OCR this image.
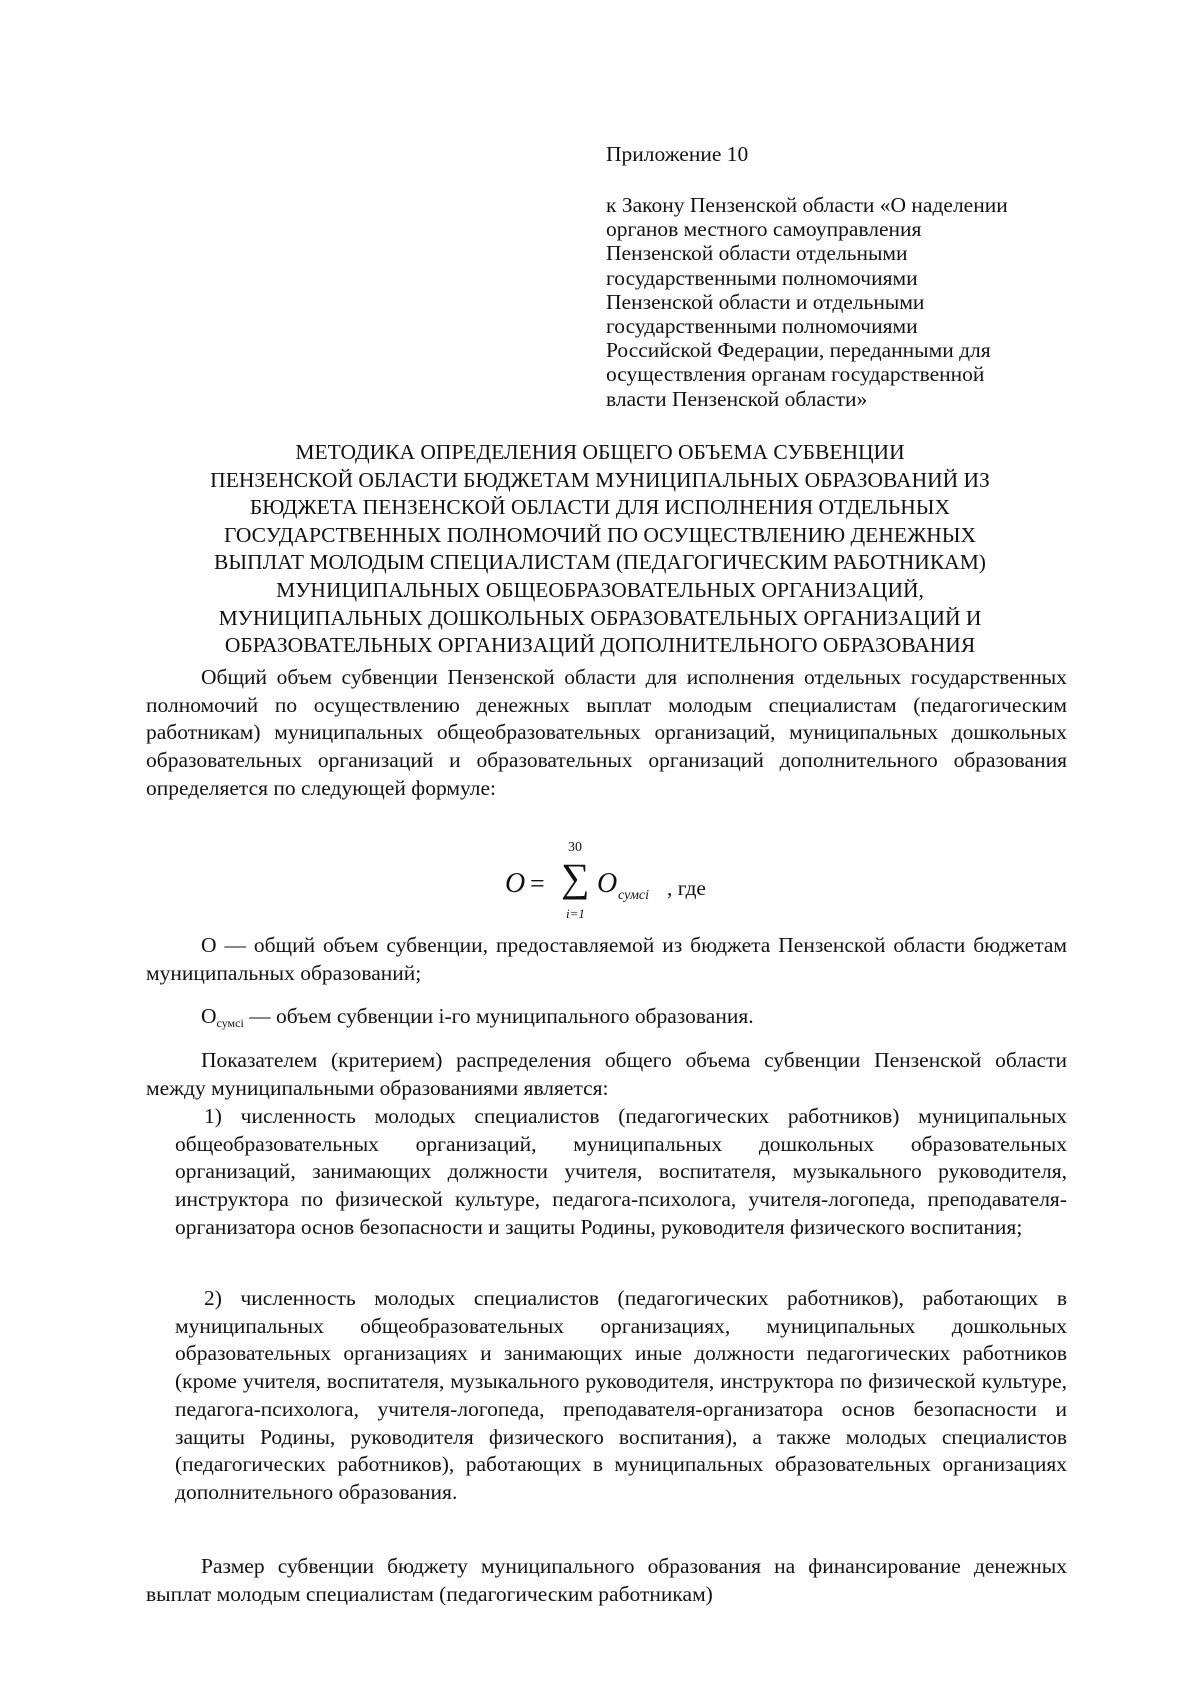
Приложение 10
к Закону Пензенской области «О наделении
органов местного самоуправления
Пензенской области отдельными
государственными полномочиями
Пензенской области и отдельными
государственными полномочиями
Российской Федерации, переданными для
осуществления органам государственной
власти Пензенской области»
МЕТОДИКА ОПРЕДЕЛЕНИЯ ОБЩЕГО ОБЪЕМА СУБВЕНЦИИ
ПЕНЗЕНСКОЙ ОБЛАСТИ БЮДЖЕТАМ МУНИЦИПАЛЬНЫХ ОБРАЗОВАНИЙ ИЗ
БЮДЖЕТА ПЕНЗЕНСКОЙ ОБЛАСТИ ДЛЯ ИСПОЛНЕНИЯ ОТДЕЛЬНЫХ
ГОСУДАРСТВЕННЫХ ПОЛНОМОЧИЙ ПО ОСУЩЕСТВЛЕНИЮ ДЕНЕЖНЫХ
ВЫПЛАТ МОЛОДЫМ СПЕЦИАЛИСТАМ (ПЕДАГОГИЧЕСКИМ РАБОТНИКАМ)
МУНИЦИПАЛЬНЫХ ОБЩЕОБРАЗОВАТЕЛЬНЫХ ОРГАНИЗАЦИЙ,
МУНИЦИПАЛЬНЫХ ДОШКОЛЬНЫХ ОБРАЗОВАТЕЛЬНЫХ ОРГАНИЗАЦИЙ И
ОБРАЗОВАТЕЛЬНЫХ ОРГАНИЗАЦИЙ ДОПОЛНИТЕЛЬНОГО ОБРАЗОВАНИЯ

Общий объем субвенции Пензенской области для исполнения отдельных государственных полномочий по осуществлению денежных выплат молодым специалистам (педагогическим работникам) муниципальных общеобразовательных организаций, муниципальных дошкольных образовательных организаций и образовательных организаций дополнительного образования определяется по следующей формуле:

O =
30
∑
i=1
O сумсi , где

О — общий объем субвенции, предоставляемой из бюджета Пензенской области бюджетам муниципальных образований;

Осумсi — объем субвенции i-го муниципального образования.

Показателем (критерием) распределения общего объема субвенции Пензенской области между муниципальными образованиями является:

1) численность молодых специалистов (педагогических работников) муниципальных общеобразовательных организаций, муниципальных дошкольных образовательных организаций, занимающих должности учителя, воспитателя, музыкального руководителя, инструктора по физической культуре, педагога-психолога, учителя-логопеда, преподавателя-организатора основ безопасности и защиты Родины, руководителя физического воспитания;

2) численность молодых специалистов (педагогических работников), работающих в муниципальных общеобразовательных организациях, муниципальных дошкольных образовательных организациях и занимающих иные должности педагогических работников (кроме учителя, воспитателя, музыкального руководителя, инструктора по физической культуре, педагога-психолога, учителя-логопеда, преподавателя-организатора основ безопасности и защиты Родины, руководителя физического воспитания), а также молодых специалистов (педагогических работников), работающих в муниципальных образовательных организациях дополнительного образования.

Размер субвенции бюджету муниципального образования на финансирование денежных выплат молодым специалистам (педагогическим работникам)
